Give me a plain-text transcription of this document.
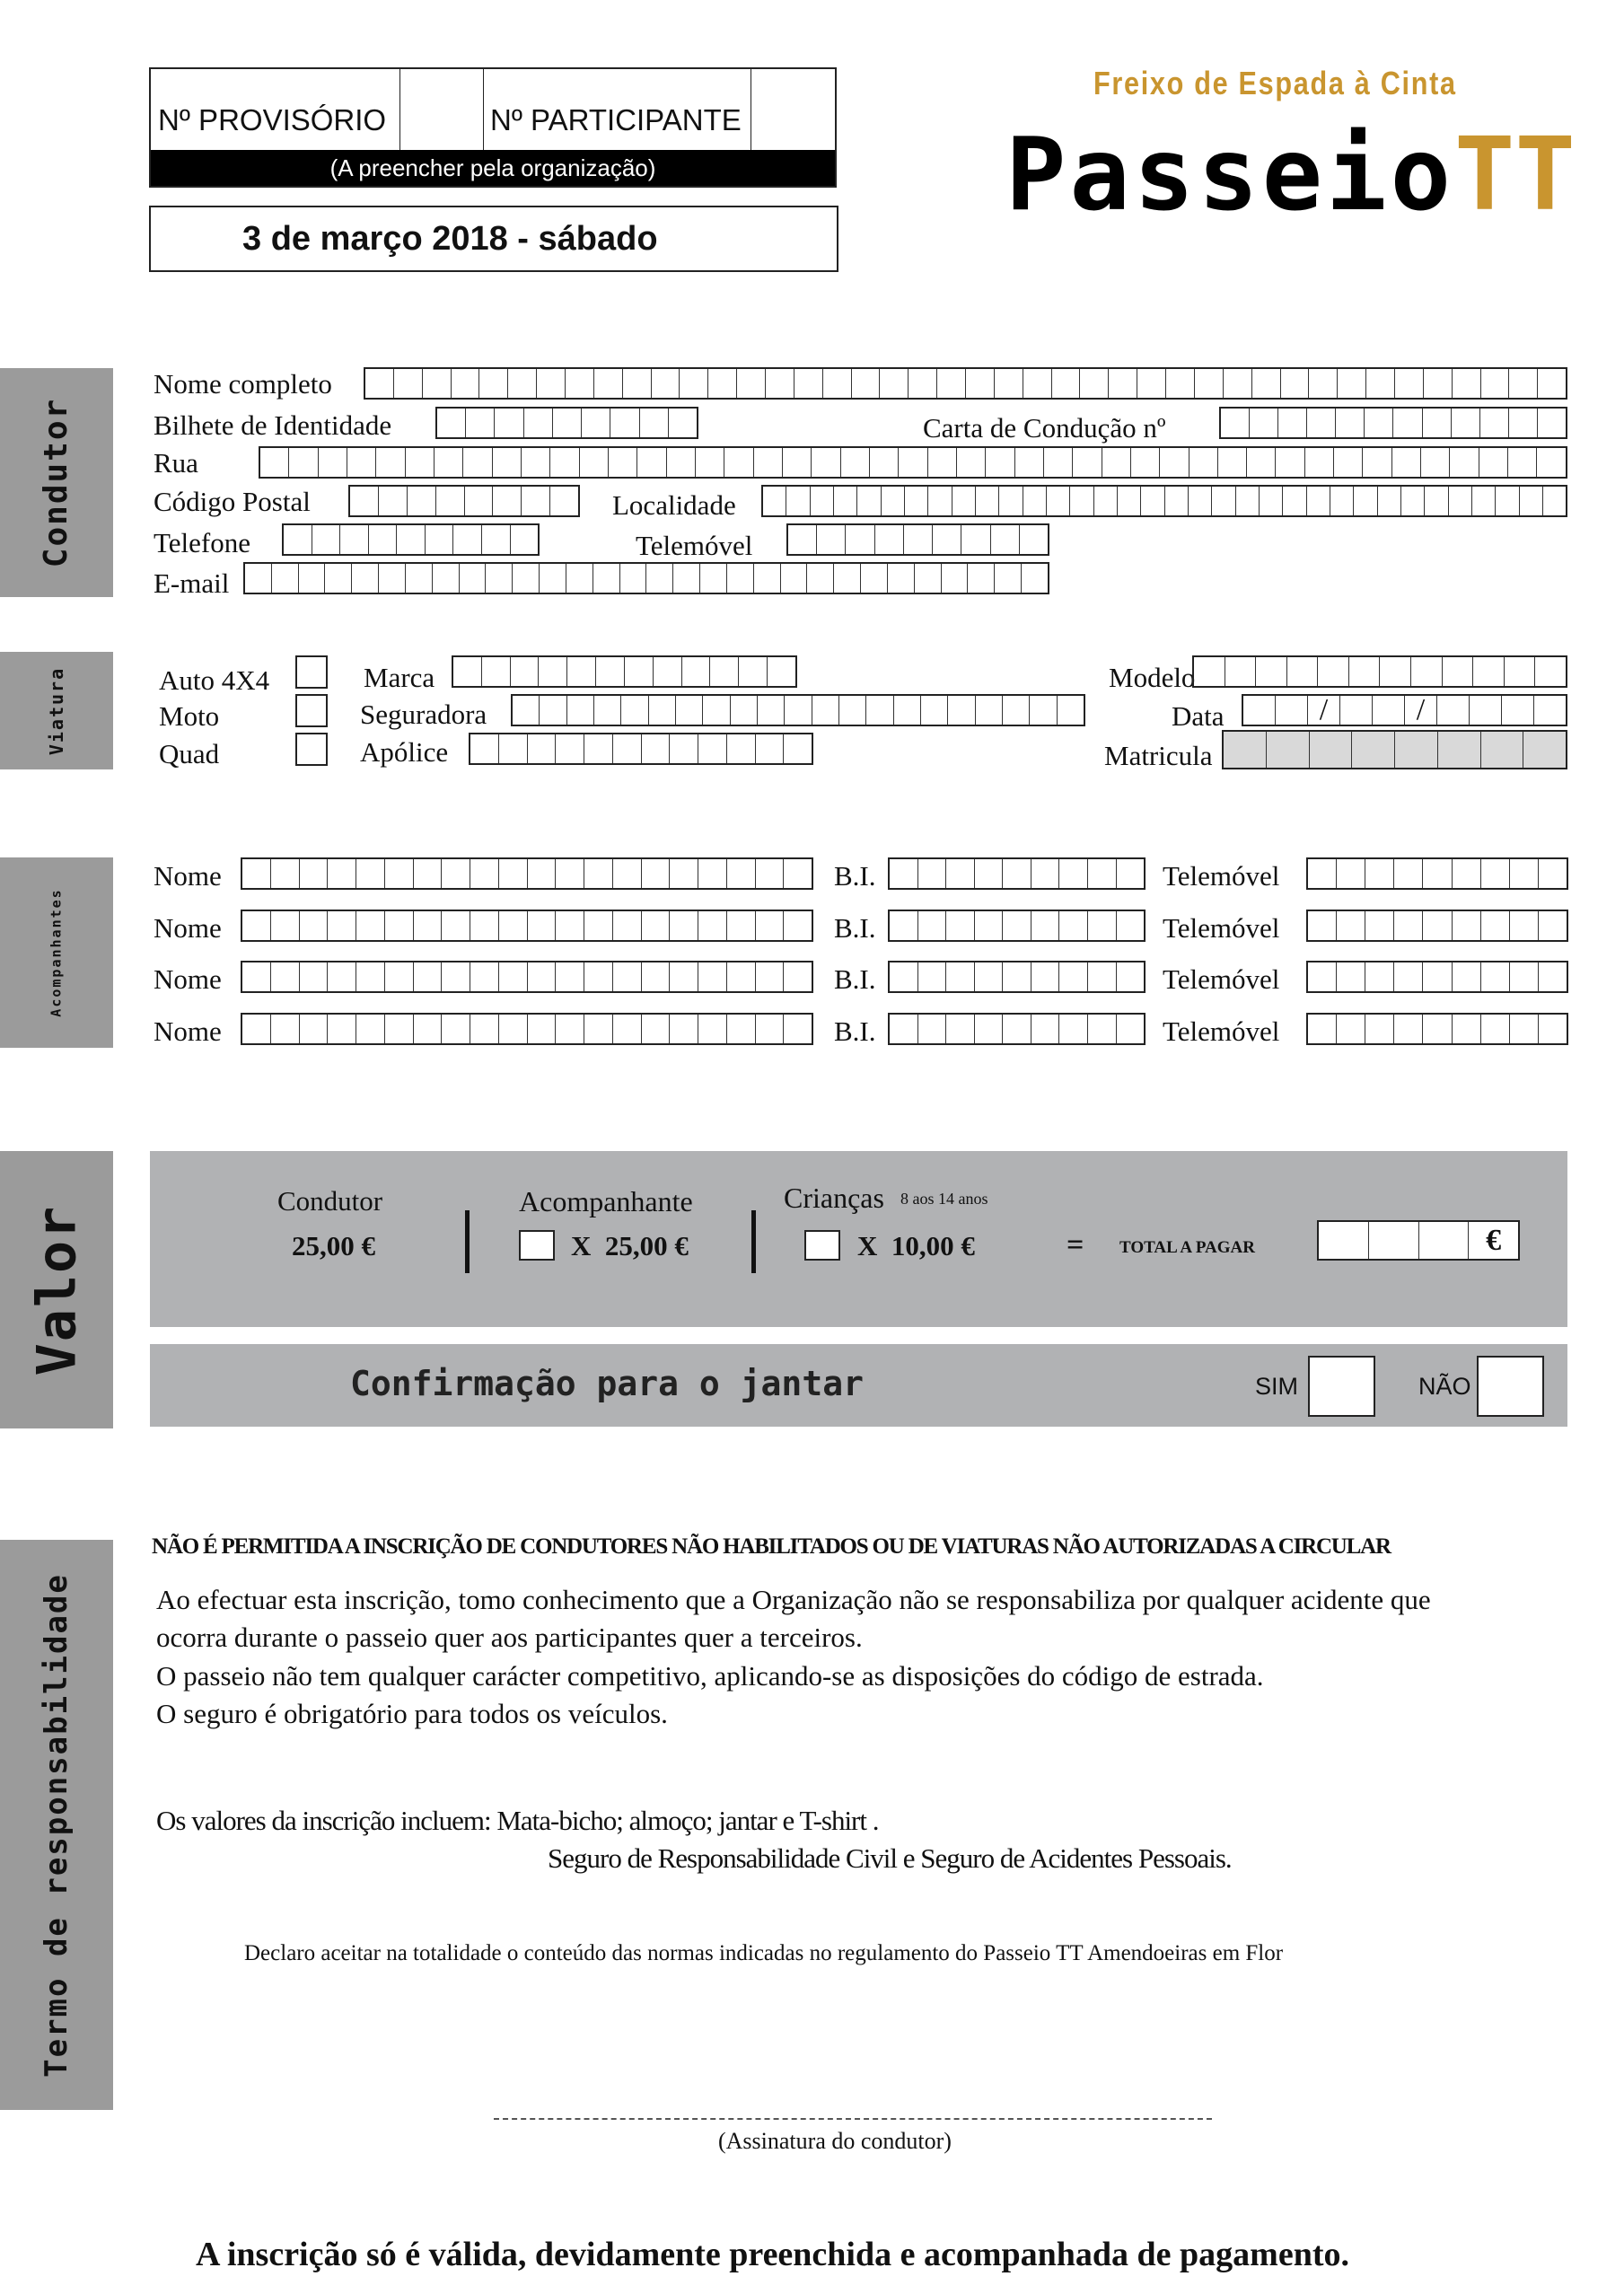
Nº PROVISÓRIO	Nº PARTICIPANTE
(A preencher pela organização)
3 de março 2018 - sábado
Freixo de Espada à Cinta
PasseioTT
Condutor
Viatura
Acompanhantes
Valor
Termo de responsabilidade
Nome completo
Bilhete de Identidade	Carta de Condução nº
Rua
Código Postal	Localidade
Telefone	Telemóvel
E-mail
Auto 4X4
Moto
Quad
Marca
Seguradora
Apólice
Modelo
Data	/	/
Matricula
Nome	B.I.	Telemóvel
Nome	B.I.	Telemóvel
Nome	B.I.	Telemóvel
Nome	B.I.	Telemóvel
Condutor
25,00 €
Acompanhante
X  25,00 €
Crianças 8 aos 14 anos
X  10,00 €	= TOTAL A PAGAR	€
Confirmação para o jantar	SIM	NÃO
NÃO É PERMITIDA A INSCRIÇÃO DE CONDUTORES NÃO HABILITADOS OU DE VIATURAS NÃO AUTORIZADAS A CIRCULAR
Ao efectuar esta inscrição, tomo conhecimento que a Organização não se responsabiliza por qualquer acidente que
ocorra durante o passeio quer aos participantes quer a terceiros.
O passeio não tem qualquer carácter competitivo, aplicando-se as disposições do código de estrada.
O seguro é obrigatório para todos os veículos.
Os valores da inscrição incluem: Mata-bicho; almoço; jantar e T-shirt .
Seguro de Responsabilidade Civil e Seguro de Acidentes Pessoais.
Declaro aceitar na totalidade o conteúdo das normas indicadas no regulamento do Passeio TT Amendoeiras em Flor
(Assinatura do condutor)
A inscrição só é válida, devidamente preenchida e acompanhada de pagamento.
